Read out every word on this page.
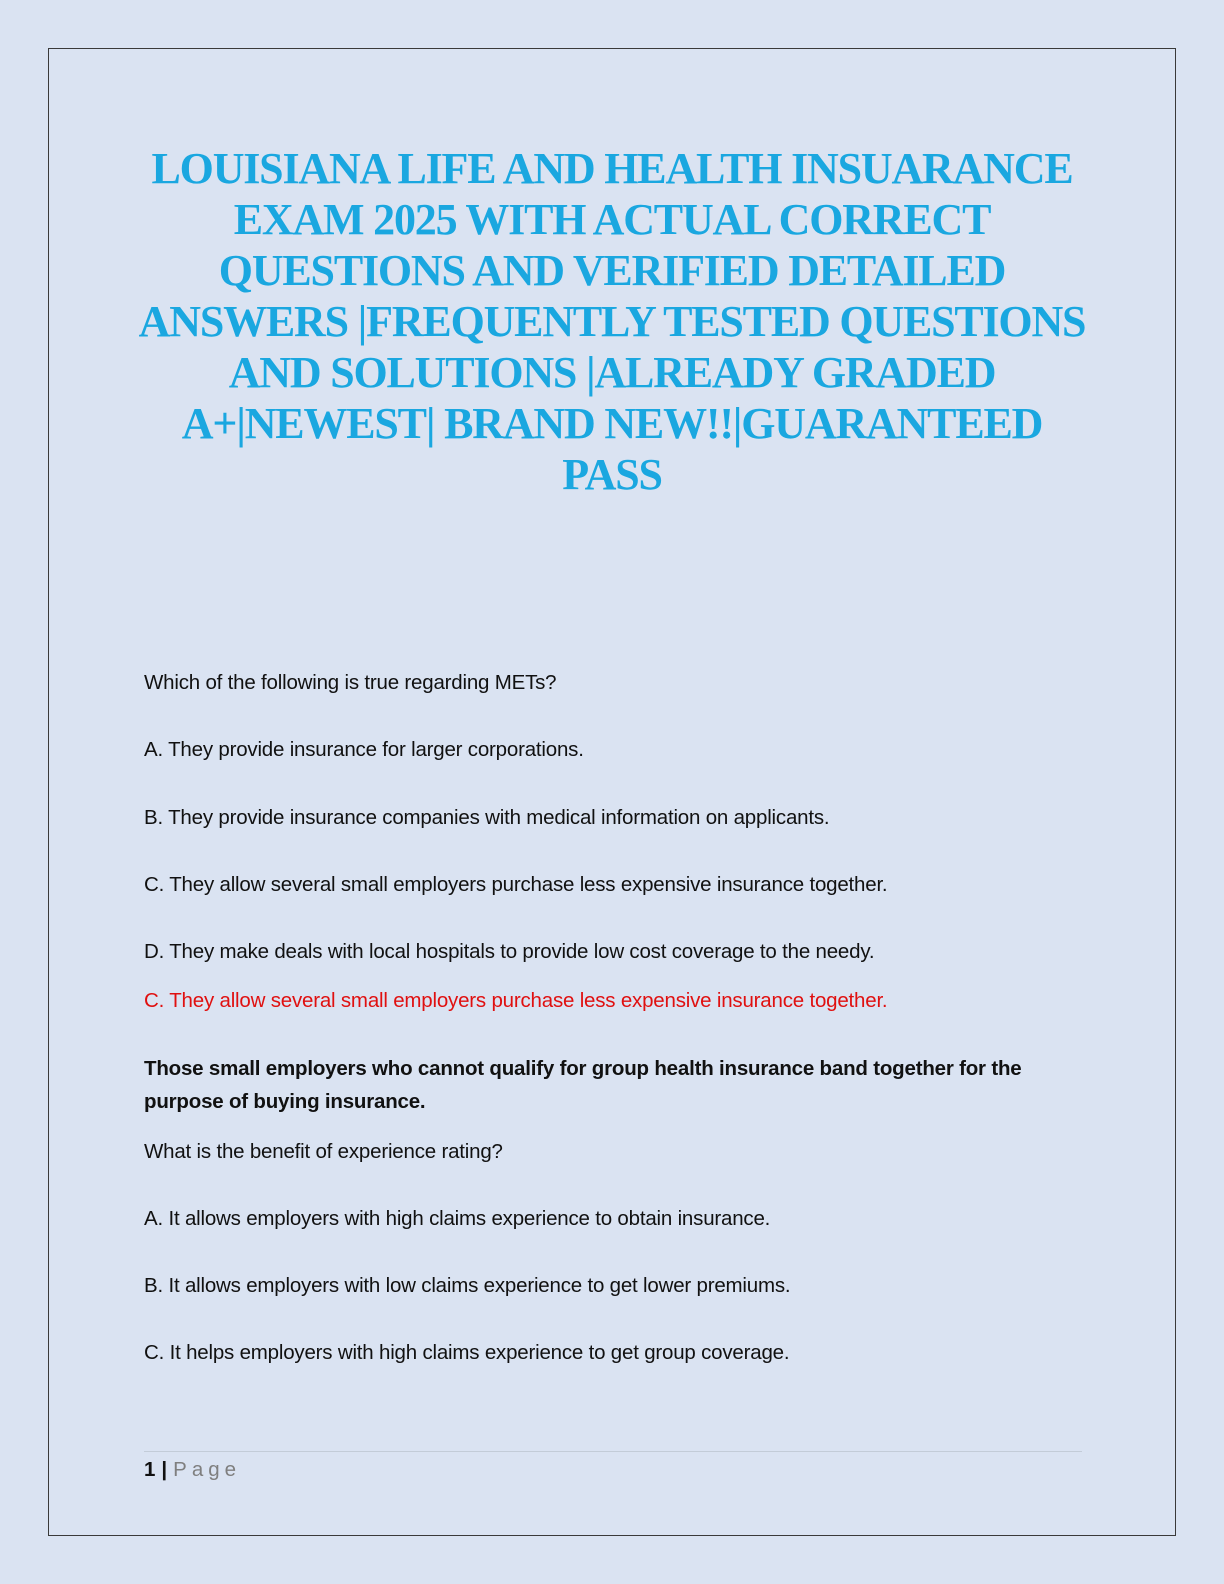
LOUISIANA LIFE AND HEALTH INSUARANCE EXAM 2025 WITH ACTUAL CORRECT QUESTIONS AND VERIFIED DETAILED ANSWERS |FREQUENTLY TESTED QUESTIONS AND SOLUTIONS |ALREADY GRADED A+|NEWEST| BRAND NEW!!|GUARANTEED PASS

Which of the following is true regarding METs?

A. They provide insurance for larger corporations.

B. They provide insurance companies with medical information on applicants.

C. They allow several small employers purchase less expensive insurance together.

D. They make deals with local hospitals to provide low cost coverage to the needy.

C. They allow several small employers purchase less expensive insurance together.

Those small employers who cannot qualify for group health insurance band together for the purpose of buying insurance.

What is the benefit of experience rating?

A. It allows employers with high claims experience to obtain insurance.

B. It allows employers with low claims experience to get lower premiums.

C. It helps employers with high claims experience to get group coverage.

1 | Page
